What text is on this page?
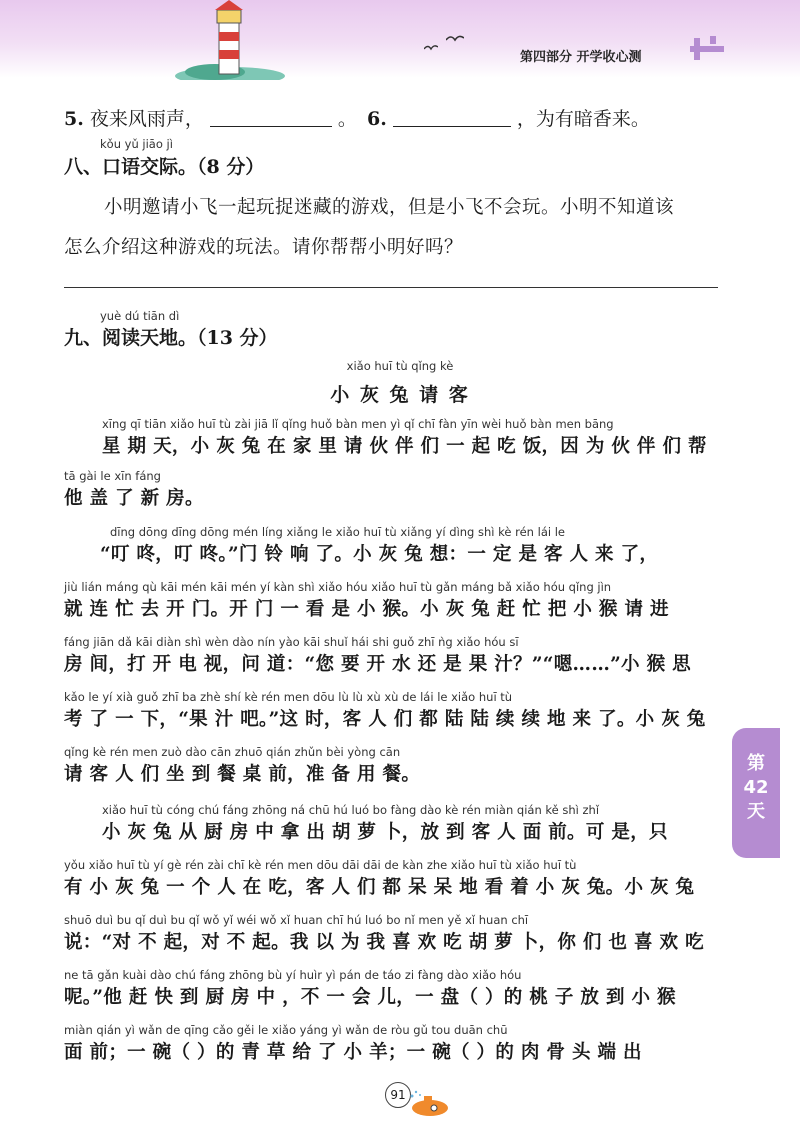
第四部分 开学收心测
5. 夜来风雨声，	。 6.	，为有暗香来。
kǒu yǔ jiāo jì
八、口语交际。（8 分）
小明邀请小飞一起玩捉迷藏的游戏，但是小飞不会玩。小明不知道该
怎么介绍这种游戏的玩法。请你帮帮小明好吗？
yuè dú tiān dì
九、阅读天地。（13 分）
xiǎo huī tù qǐng kè
小 灰 兔 请 客
xīng qī tiān xiǎo huī tù zài jiā lǐ qǐng huǒ bàn men yì qǐ chī fàn yīn wèi huǒ bàn men bāng
星 期 天，小 灰 兔 在 家 里 请 伙 伴 们 一 起 吃 饭，因 为 伙 伴 们 帮
tā gài le xīn fáng
他 盖 了 新 房。
dīng dōng dīng dōng mén líng xiǎng le xiǎo huī tù xiǎng yí dìng shì kè rén lái le
“叮 咚，叮 咚。”门 铃 响 了。小 灰 兔 想：一 定 是 客 人 来 了，
jiù lián máng qù kāi mén kāi mén yí kàn shì xiǎo hóu xiǎo huī tù gǎn máng bǎ xiǎo hóu qǐng jìn
就 连 忙 去 开 门。开 门 一 看 是 小 猴。小 灰 兔 赶 忙 把 小 猴 请 进
fáng jiān dǎ kāi diàn shì wèn dào nín yào kāi shuǐ hái shi guǒ zhī ǹg xiǎo hóu sī
房 间，打 开 电 视，问 道：“您 要 开 水 还 是 果 汁？”“嗯……”小 猴 思
kǎo le yí xià guǒ zhī ba zhè shí kè rén men dōu lù lù xù xù de lái le xiǎo huī tù
考 了 一 下，“果 汁 吧。”这 时，客 人 们 都 陆 陆 续 续 地 来 了。小 灰 兔
qǐng kè rén men zuò dào cān zhuō qián zhǔn bèi yòng cān
请 客 人 们 坐 到 餐 桌 前，准 备 用 餐。
xiǎo huī tù cóng chú fáng zhōng ná chū hú luó bo fàng dào kè rén miàn qián kě shì zhǐ
小 灰 兔 从 厨 房 中 拿 出 胡 萝 卜，放 到 客 人 面 前。可 是，只
yǒu xiǎo huī tù yí gè rén zài chī kè rén men dōu dāi dāi de kàn zhe xiǎo huī tù xiǎo huī tù
有 小 灰 兔 一 个 人 在 吃，客 人 们 都 呆 呆 地 看 着 小 灰 兔。小 灰 兔
shuō duì bu qǐ duì bu qǐ wǒ yǐ wéi wǒ xǐ huan chī hú luó bo nǐ men yě xǐ huan chī
说：“对 不 起，对 不 起。我 以 为 我 喜 欢 吃 胡 萝 卜，你 们 也 喜 欢 吃
ne tā gǎn kuài dào chú fáng zhōng bù yí huìr yì pán de táo zi fàng dào xiǎo hóu
呢。”他 赶 快 到 厨 房 中 ，不 一 会 儿，一 盘（ ）的 桃 子 放 到 小 猴
miàn qián yì wǎn de qīng cǎo gěi le xiǎo yáng yì wǎn de ròu gǔ tou duān chū
面 前；一 碗（ ）的 青 草 给 了 小 羊；一 碗（ ）的 肉 骨 头 端 出
第
42
天
91
